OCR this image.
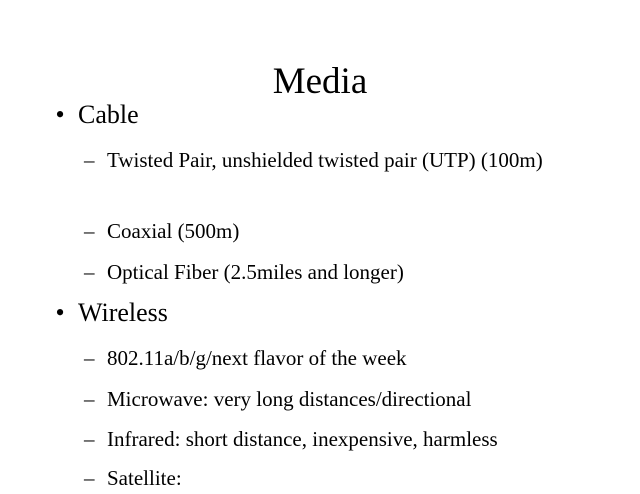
Media
• Cable
– Twisted Pair, unshielded twisted pair (UTP) (100m)
– Coaxial (500m)
– Optical Fiber (2.5miles and longer)
• Wireless
– 802.11a/b/g/next flavor of the week
– Microwave: very long distances/directional
– Infrared: short distance, inexpensive, harmless
– Satellite:
